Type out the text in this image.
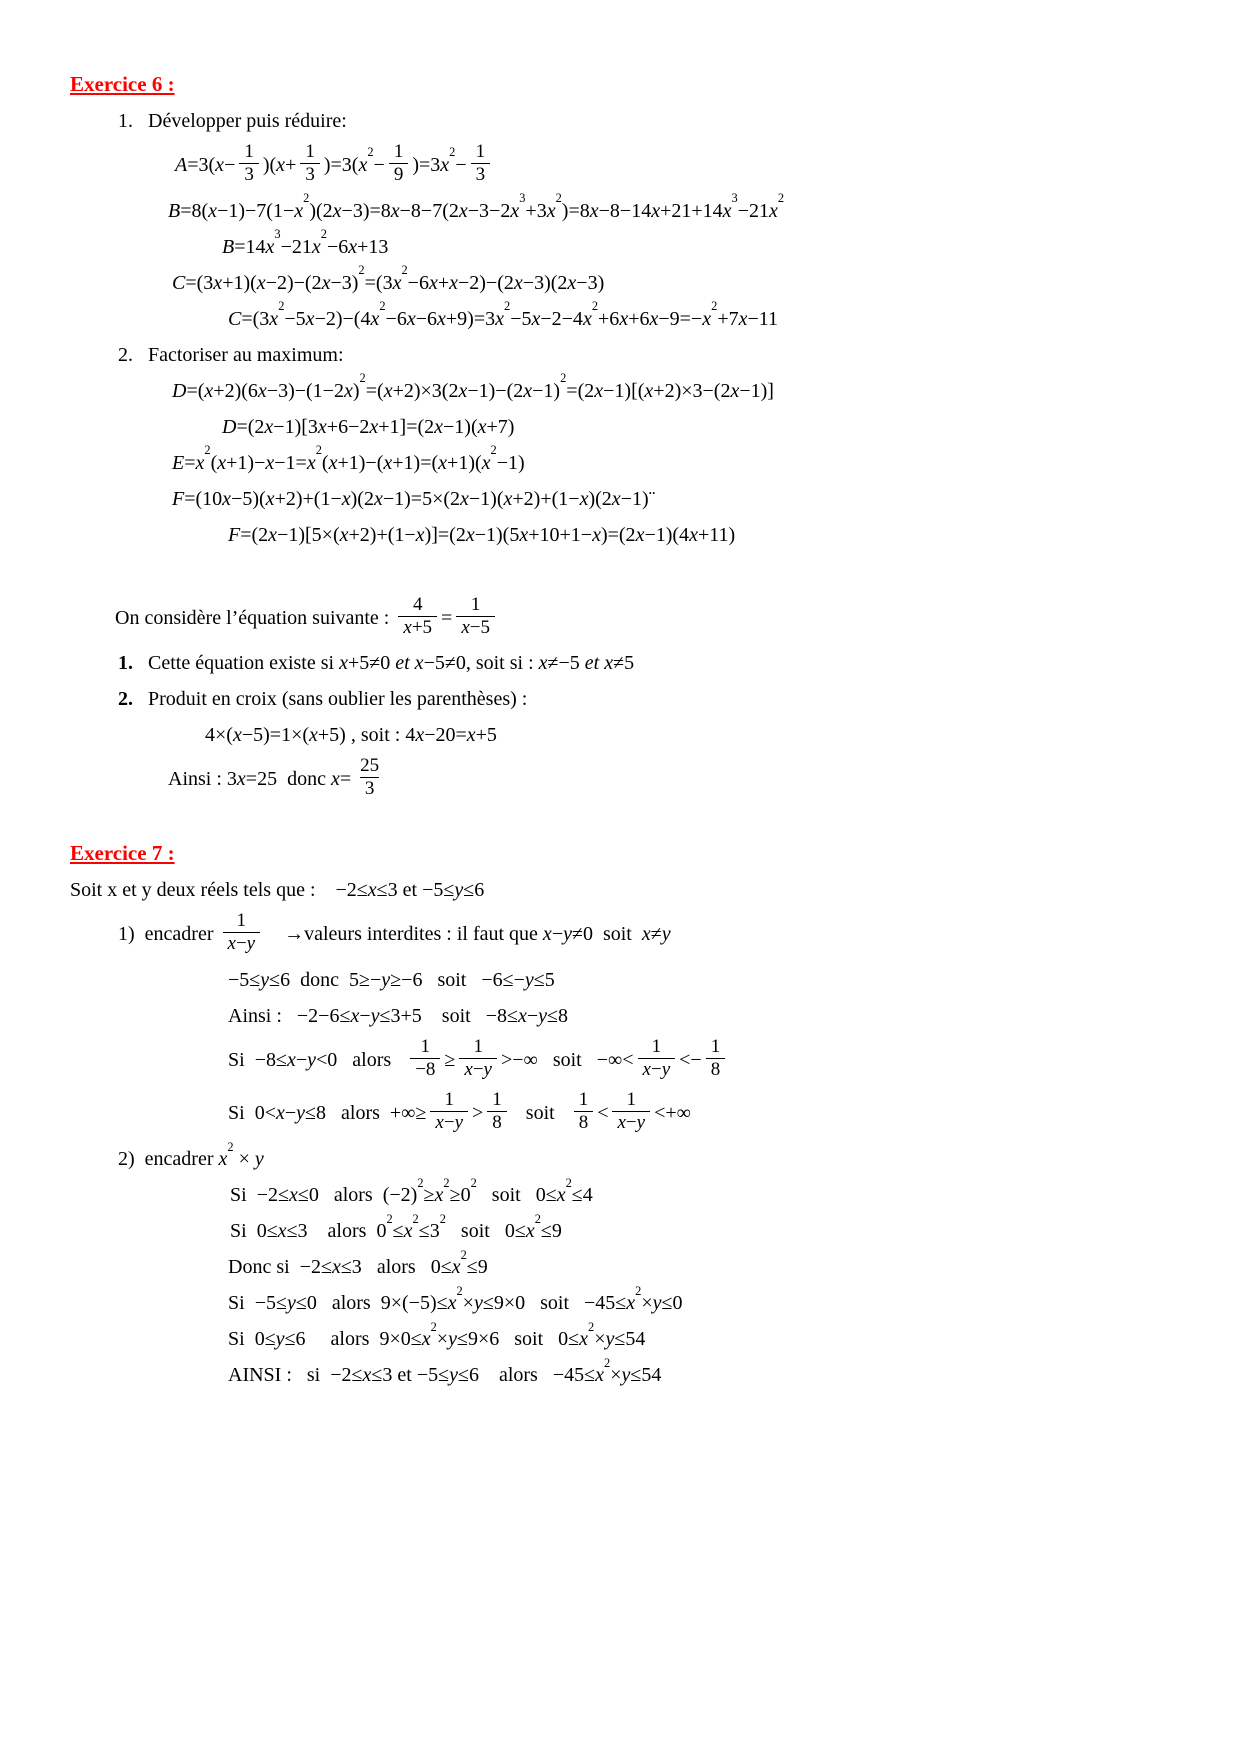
Exercice 6 :
1.   Développer puis réduire:
$A=3(x- \frac{1}{3} )(x+ \frac{1}{3} )=3(x^2- \frac{1}{9} )=3x^2- \frac{1}{3}$
$B=8(x-1)-7(1-x^2)(2x-3)=8x-8-7(2x-3-2x^3+3x^2)=8x-8-14x+21+14x^3-21x^2$
$B=14x^3-21x^2-6x+13$
$C=(3x+1)(x-2)-(2x-3)^2=(3x^2-6x+x-2)-(2x-3)(2x-3)$
$C=(3x^2-5x-2)-(4x^2-6x-6x+9)=3x^2-5x-2-4x^2+6x+6x-9=-x^2+7x-11$
2.   Factoriser au maximum:
$D=(x+2)(6x-3)-(1-2x)^2=(x+2)\times 3(2x-1)-(2x-1)^2=(2x-1)[(x+2)\times 3-(2x-1)]$
D=(2x−1)[3x+6−2x+1]=(2x−1)(x+7)
$E=x^2(x+1)-x-1=x^2(x+1)-(x+1)=(x+1)(x^2-1)$
F=(10x−5)(x+2)+(1−x)(2x−1)=5×(2x−1)(x+2)+(1−x)(2x−1)¨
F=(2x−1)[5×(x+2)+(1−x)]=(2x−1)(5x+10+1−x)=(2x−1)(4x+11)
On considère l’équation suivante : $\frac{4}{x+5} = \frac{1}{x-5}$
1.   Cette équation existe si x+5≠0 et x−5≠0, soit si : x≠−5 et x≠5
2.   Produit en croix (sans oublier les parenthèses) :
4×(x−5)=1×(x+5) , soit : 4x−20=x+5
Ainsi : 3x=25  donc $x= \frac{25}{3}$
Exercice 7 :
Soit x et y deux réels tels que :    −2≤x≤3 et −5≤y≤6
1)  encadrer $\frac{1}{x-y}$ →valeurs interdites : il faut que x−y≠0  soit  x≠y
−5≤y≤6  donc  5≥−y≥−6   soit   −6≤−y≤5
Ainsi :   −2−6≤x−y≤3+5    soit   −8≤x−y≤8
Si  −8≤x−y<0   alors $\frac{1}{-8} \ge \frac{1}{x-y}$ >−∞   soit   −∞< $\frac{1}{x-y} <- \frac{1}{8}$
Si  0<x−y≤8   alors  +∞≥ $\frac{1}{x-y} > \frac{1}{8}$ soit $\frac{1}{8} < \frac{1}{x-y}$ <+∞
2)  encadrer $x^2 \times y$
Si  −2≤x≤0   alors  $(-2)^2\ge x^2\ge 0^2$   soit   $0\le x^2\le 4$
Si  0≤x≤3    alors  $0^2\le x^2\le 3^2$   soit   $0\le x^2\le 9$
Donc si  −2≤x≤3   alors   $0\le x^2\le 9$
Si  −5≤y≤0   alors  $9\times(-5)\le x^2\times y\le 9\times 0$   soit   $-45\le x^2\times y\le 0$
Si  0≤y≤6     alors  $9\times 0\le x^2\times y\le 9\times 6$   soit   $0\le x^2\times y\le 54$
AINSI :   si  −2≤x≤3 et −5≤y≤6    alors   $-45\le x^2\times y\le 54$
